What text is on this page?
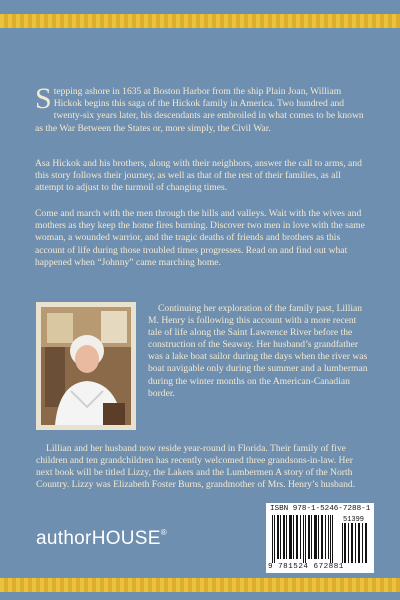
Stepping ashore in 1635 at Boston Harbor from the ship Plain Joan, William Hickok begins this saga of the Hickok family in America. Two hundred and twenty-six years later, his descendants are embroiled in what comes to be known as the War Between the States or, more simply, the Civil War.

Asa Hickok and his brothers, along with their neighbors, answer the call to arms, and this story follows their journey, as well as that of the rest of their families, as all attempt to adjust to the turmoil of changing times.

Come and march with the men through the hills and valleys. Wait with the wives and mothers as they keep the home fires burning. Discover two men in love with the same woman, a wounded warrior, and the tragic deaths of friends and brothers as this account of life during those troubled times progresses. Read on and find out what happened when “Johnny” came marching home.

Continuing her exploration of the family past, Lillian M. Henry is following this account with a more recent tale of life along the Saint Lawrence River before the construction of the Seaway. Her husband’s grandfather was a lake boat sailor during the days when the river was boat navigable only during the summer and a lumberman during the winter months on the American-Canadian border.

Lillian and her husband now reside year-round in Florida. Their family of five children and ten grandchildren has recently welcomed three grandsons-in-law. Her next book will be titled Lizzy, the Lakers and the Lumbermen A story of the North Country. Lizzy was Elizabeth Foster Burns, grandmother of Mrs. Henry’s husband.

authorHOUSE®
ISBN 978-1-5246-7288-1
51399
9 781524 672881
